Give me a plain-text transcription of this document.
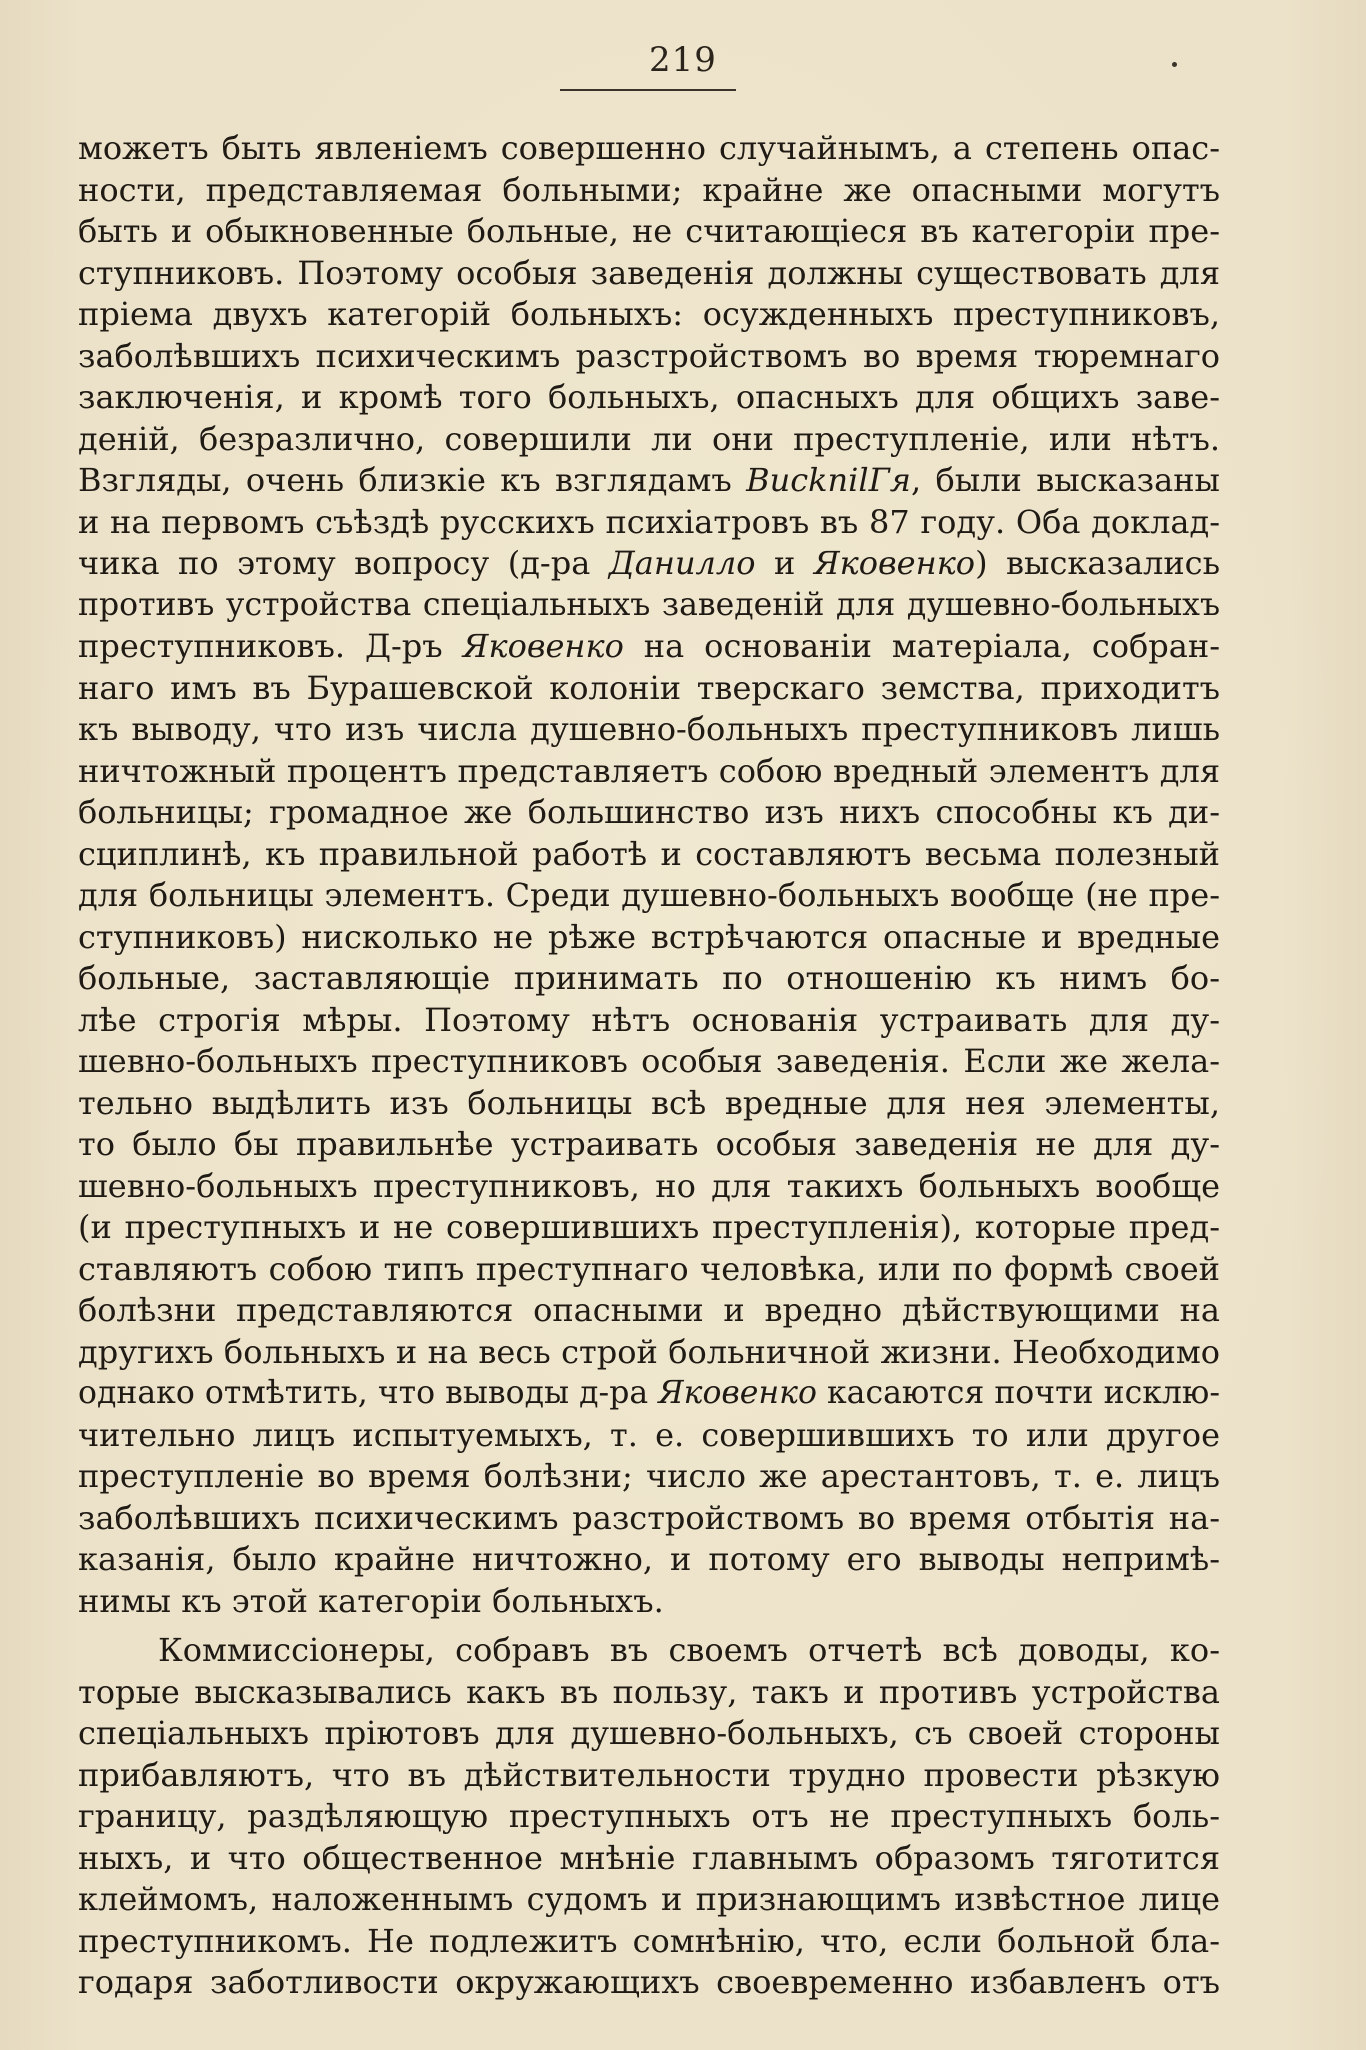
219
можетъ быть явленіемъ совершенно случайнымъ, а степень опас-
ности, представляемая больными; крайне же опасными могутъ
быть и обыкновенные больные, не считающіеся въ категоріи пре-
ступниковъ. Поэтому особыя заведенія должны существовать для
пріема двухъ категорій больныхъ: осужденныхъ преступниковъ,
заболѣвшихъ психическимъ разстройствомъ во время тюремнаго
заключенія, и кромѣ того больныхъ, опасныхъ для общихъ заве-
деній, безразлично, совершили ли они преступленіе, или нѣтъ.
Взгляды, очень близкіе къ взглядамъ BucknilГя, были высказаны
и на первомъ съѣздѣ русскихъ психіатровъ въ 87 году. Оба доклад-
чика по этому вопросу (д-ра Данилло и Яковенко) высказались
противъ устройства спеціальныхъ заведеній для душевно-больныхъ
преступниковъ. Д-ръ Яковенко на основаніи матеріала, собран-
наго имъ въ Бурашевской колоніи тверскаго земства, приходитъ
къ выводу, что изъ числа душевно-больныхъ преступниковъ лишь
ничтожный процентъ представляетъ собою вредный элементъ для
больницы; громадное же большинство изъ нихъ способны къ ди-
сциплинѣ, къ правильной работѣ и составляютъ весьма полезный
для больницы элементъ. Среди душевно-больныхъ вообще (не пре-
ступниковъ) нисколько не рѣже встрѣчаются опасные и вредные
больные, заставляющіе принимать по отношенію къ нимъ бо-
лѣе строгія мѣры. Поэтому нѣтъ основанія устраивать для ду-
шевно-больныхъ преступниковъ особыя заведенія. Если же жела-
тельно выдѣлить изъ больницы всѣ вредные для нея элементы,
то было бы правильнѣе устраивать особыя заведенія не для ду-
шевно-больныхъ преступниковъ, но для такихъ больныхъ вообще
(и преступныхъ и не совершившихъ преступленія), которые пред-
ставляютъ собою типъ преступнаго человѣка, или по формѣ своей
болѣзни представляются опасными и вредно дѣйствующими на
другихъ больныхъ и на весь строй больничной жизни. Необходимо
однако отмѣтить, что выводы д-ра Яковенко касаются почти исклю-
чительно лицъ испытуемыхъ, т. е. совершившихъ то или другое
преступленіе во время болѣзни; число же арестантовъ, т. е. лицъ
заболѣвшихъ психическимъ разстройствомъ во время отбытія на-
казанія, было крайне ничтожно, и потому его выводы непримѣ-
нимы къ этой категоріи больныхъ.
Коммиссіонеры, собравъ въ своемъ отчетѣ всѣ доводы, ко-
торые высказывались какъ въ пользу, такъ и противъ устройства
спеціальныхъ пріютовъ для душевно-больныхъ, съ своей стороны
прибавляютъ, что въ дѣйствительности трудно провести рѣзкую
границу, раздѣляющую преступныхъ отъ не преступныхъ боль-
ныхъ, и что общественное мнѣніе главнымъ образомъ тяготится
клеймомъ, наложеннымъ судомъ и признающимъ извѣстное лице
преступникомъ. Не подлежитъ сомнѣнію, что, если больной бла-
годаря заботливости окружающихъ своевременно избавленъ отъ
